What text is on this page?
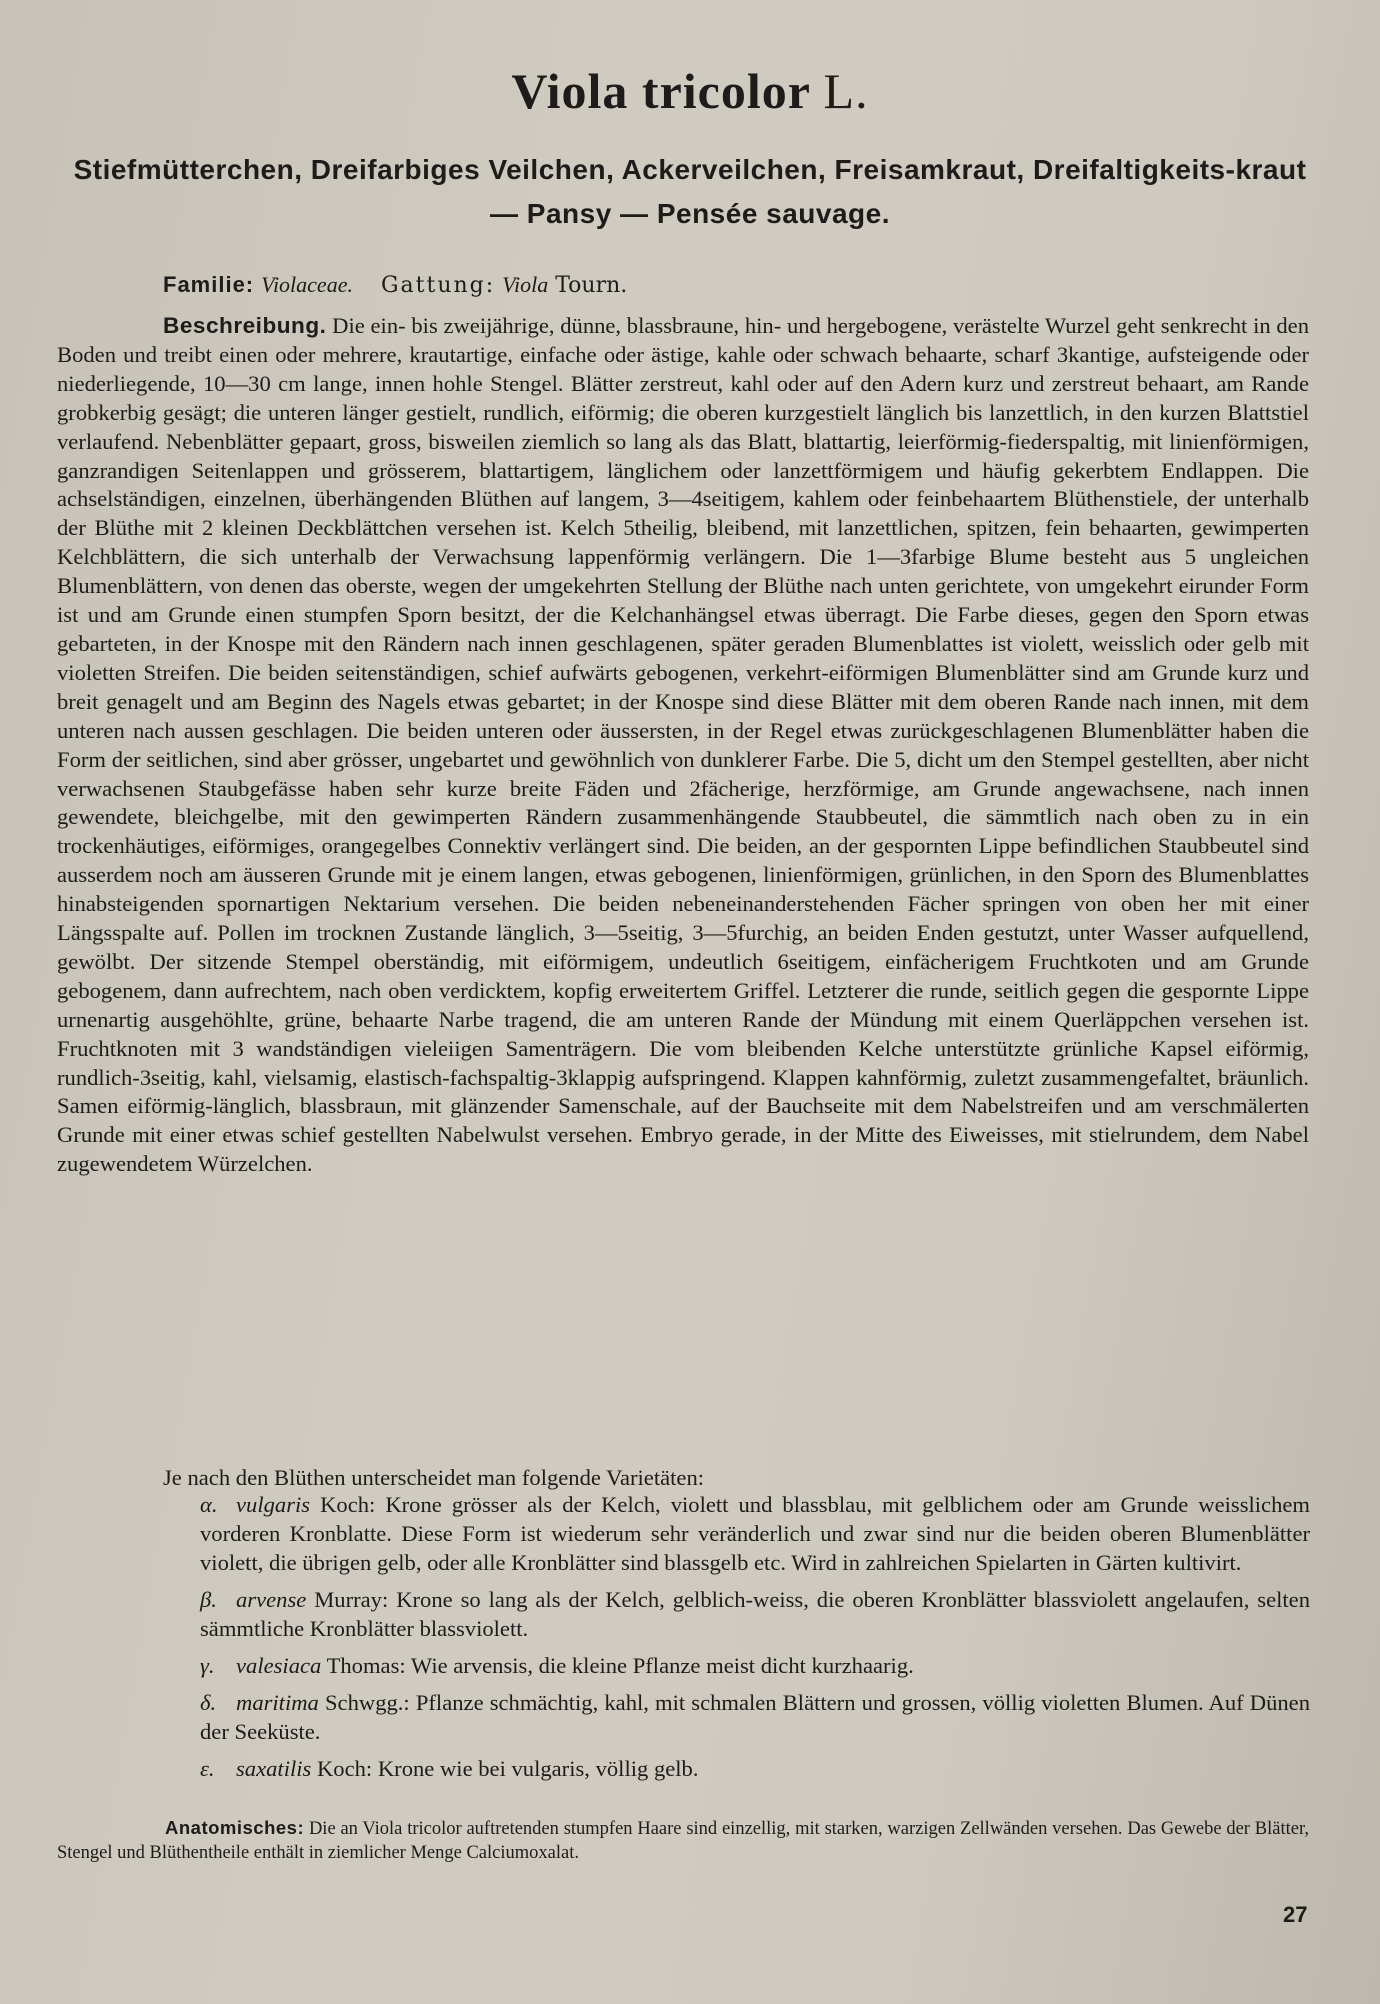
Viola tricolor L.
Stiefmütterchen, Dreifarbiges Veilchen, Ackerveilchen, Freisamkraut, Dreifaltigkeits-kraut — Pansy — Pensée sauvage.
Familie: Violaceae. Gattung: Viola Tourn.
Beschreibung. Die ein- bis zweijährige, dünne, blassbraune, hin- und hergebogene, verästelte Wurzel geht senkrecht in den Boden und treibt einen oder mehrere, krautartige, einfache oder ästige, kahle oder schwach behaarte, scharf 3kantige, aufsteigende oder niederliegende, 10—30 cm lange, innen hohle Stengel. Blätter zerstreut, kahl oder auf den Adern kurz und zerstreut behaart, am Rande grobkerbig gesägt; die unteren länger gestielt, rundlich, eiförmig; die oberen kurzgestielt länglich bis lanzettlich, in den kurzen Blattstiel verlaufend. Nebenblätter gepaart, gross, bisweilen ziemlich so lang als das Blatt, blattartig, leierförmig-fiederspaltig, mit linienförmigen, ganzrandigen Seitenlappen und grösserem, blattartigem, länglichem oder lanzettförmigem und häufig gekerbtem Endlappen. Die achselständigen, einzelnen, überhängenden Blüthen auf langem, 3—4seitigem, kahlem oder feinbehaartem Blüthenstiele, der unterhalb der Blüthe mit 2 kleinen Deckblättchen versehen ist. Kelch 5theilig, bleibend, mit lanzettlichen, spitzen, fein behaarten, gewimperten Kelchblättern, die sich unterhalb der Verwachsung lappenförmig verlängern. Die 1—3farbige Blume besteht aus 5 ungleichen Blumenblättern, von denen das oberste, wegen der umgekehrten Stellung der Blüthe nach unten gerichtete, von umgekehrt eirunder Form ist und am Grunde einen stumpfen Sporn besitzt, der die Kelchanhängsel etwas überragt. Die Farbe dieses, gegen den Sporn etwas gebarteten, in der Knospe mit den Rändern nach innen geschlagenen, später geraden Blumenblattes ist violett, weisslich oder gelb mit violetten Streifen. Die beiden seitenständigen, schief aufwärts gebogenen, verkehrt-eiförmigen Blumenblätter sind am Grunde kurz und breit genagelt und am Beginn des Nagels etwas gebartet; in der Knospe sind diese Blätter mit dem oberen Rande nach innen, mit dem unteren nach aussen geschlagen. Die beiden unteren oder äussersten, in der Regel etwas zurückgeschlagenen Blumenblätter haben die Form der seitlichen, sind aber grösser, ungebartet und gewöhnlich von dunklerer Farbe. Die 5, dicht um den Stempel gestellten, aber nicht verwachsenen Staubgefässe haben sehr kurze breite Fäden und 2fächerige, herzförmige, am Grunde angewachsene, nach innen gewendete, bleichgelbe, mit den gewimperten Rändern zusammenhängende Staubbeutel, die sämmtlich nach oben zu in ein trockenhäutiges, eiförmiges, orangegelbes Connektiv verlängert sind. Die beiden, an der gespornten Lippe befindlichen Staubbeutel sind ausserdem noch am äusseren Grunde mit je einem langen, etwas gebogenen, linienförmigen, grünlichen, in den Sporn des Blumenblattes hinabsteigenden spornartigen Nektarium versehen. Die beiden nebeneinanderstehenden Fächer springen von oben her mit einer Längsspalte auf. Pollen im trocknen Zustande länglich, 3—5seitig, 3—5furchig, an beiden Enden gestutzt, unter Wasser aufquellend, gewölbt. Der sitzende Stempel oberständig, mit eiförmigem, undeutlich 6seitigem, einfächerigem Fruchtkoten und am Grunde gebogenem, dann aufrechtem, nach oben verdicktem, kopfig erweitertem Griffel. Letzterer die runde, seitlich gegen die gespornte Lippe urnenartig ausgehöhlte, grüne, behaarte Narbe tragend, die am unteren Rande der Mündung mit einem Querläppchen versehen ist. Fruchtknoten mit 3 wandständigen vieleiigen Samenträgern. Die vom bleibenden Kelche unterstützte grünliche Kapsel eiförmig, rundlich-3seitig, kahl, vielsamig, elastisch-fachspaltig-3klappig aufspringend. Klappen kahnförmig, zuletzt zusammengefaltet, bräunlich. Samen eiförmig-länglich, blassbraun, mit glänzender Samenschale, auf der Bauchseite mit dem Nabelstreifen und am verschmälerten Grunde mit einer etwas schief gestellten Nabelwulst versehen. Embryo gerade, in der Mitte des Eiweisses, mit stielrundem, dem Nabel zugewendetem Würzelchen.
Je nach den Blüthen unterscheidet man folgende Varietäten:
α. vulgaris Koch: Krone grösser als der Kelch, violett und blassblau, mit gelblichem oder am Grunde weisslichem vorderen Kronblatte. Diese Form ist wiederum sehr veränderlich und zwar sind nur die beiden oberen Blumenblätter violett, die übrigen gelb, oder alle Kronblätter sind blassgelb etc. Wird in zahlreichen Spielarten in Gärten kultivirt.
β. arvense Murray: Krone so lang als der Kelch, gelblich-weiss, die oberen Kronblätter blassviolett angelaufen, selten sämmtliche Kronblätter blassviolett.
γ. valesiaca Thomas: Wie arvensis, die kleine Pflanze meist dicht kurzhaarig.
δ. maritima Schwgg.: Pflanze schmächtig, kahl, mit schmalen Blättern und grossen, völlig violetten Blumen. Auf Dünen der Seeküste.
ε. saxatilis Koch: Krone wie bei vulgaris, völlig gelb.
Anatomisches: Die an Viola tricolor auftretenden stumpfen Haare sind einzellig, mit starken, warzigen Zellwänden versehen. Das Gewebe der Blätter, Stengel und Blüthentheile enthält in ziemlicher Menge Calciumoxalat.
27
